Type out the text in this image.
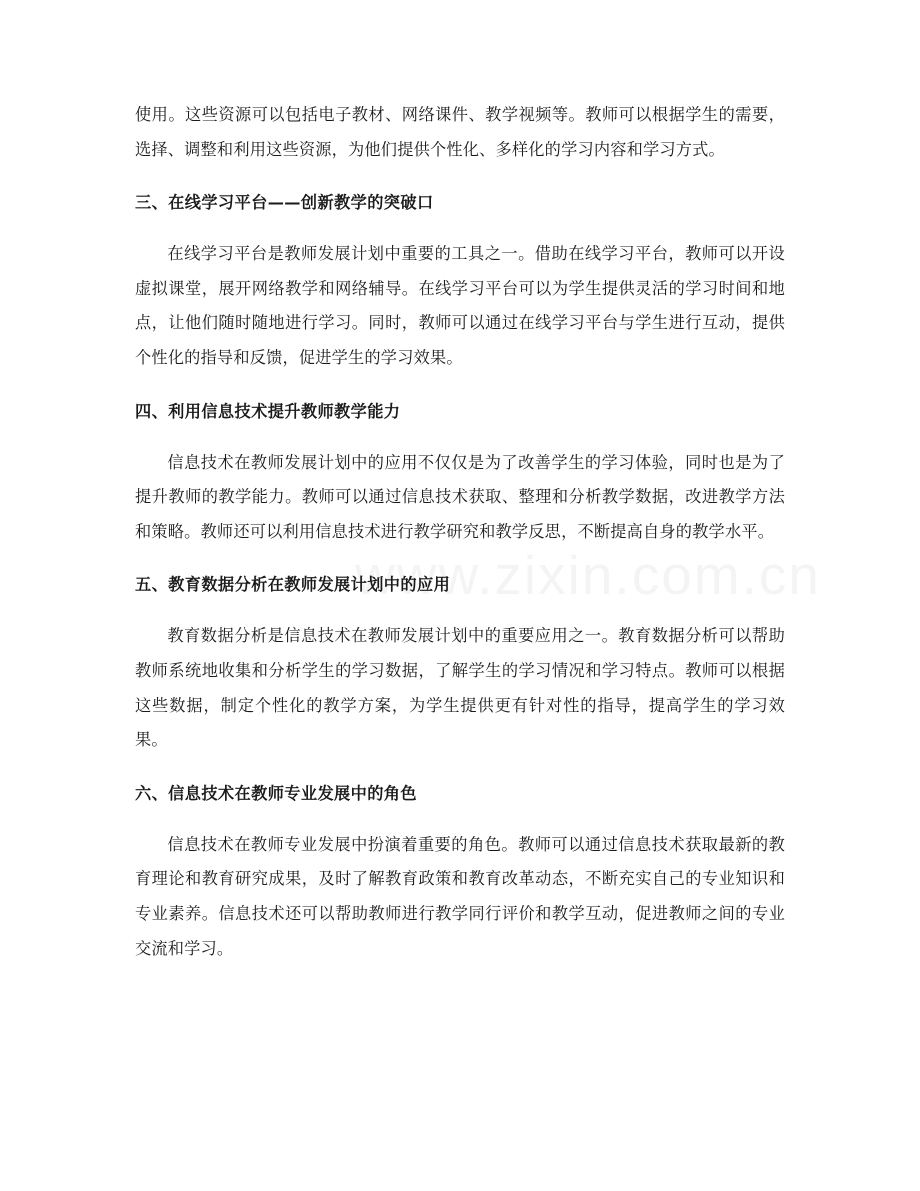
使用。这些资源可以包括电子教材、网络课件、教学视频等。教师可以根据学生的需要，选择、调整和利用这些资源，为他们提供个性化、多样化的学习内容和学习方式。

三、在线学习平台——创新教学的突破口

在线学习平台是教师发展计划中重要的工具之一。借助在线学习平台，教师可以开设虚拟课堂，展开网络教学和网络辅导。在线学习平台可以为学生提供灵活的学习时间和地点，让他们随时随地进行学习。同时，教师可以通过在线学习平台与学生进行互动，提供个性化的指导和反馈，促进学生的学习效果。

四、利用信息技术提升教师教学能力

信息技术在教师发展计划中的应用不仅仅是为了改善学生的学习体验，同时也是为了提升教师的教学能力。教师可以通过信息技术获取、整理和分析教学数据，改进教学方法和策略。教师还可以利用信息技术进行教学研究和教学反思，不断提高自身的教学水平。

五、教育数据分析在教师发展计划中的应用

教育数据分析是信息技术在教师发展计划中的重要应用之一。教育数据分析可以帮助教师系统地收集和分析学生的学习数据，了解学生的学习情况和学习特点。教师可以根据这些数据，制定个性化的教学方案，为学生提供更有针对性的指导，提高学生的学习效果。

六、信息技术在教师专业发展中的角色

信息技术在教师专业发展中扮演着重要的角色。教师可以通过信息技术获取最新的教育理论和教育研究成果，及时了解教育政策和教育改革动态，不断充实自己的专业知识和专业素养。信息技术还可以帮助教师进行教学同行评价和教学互动，促进教师之间的专业交流和学习。
